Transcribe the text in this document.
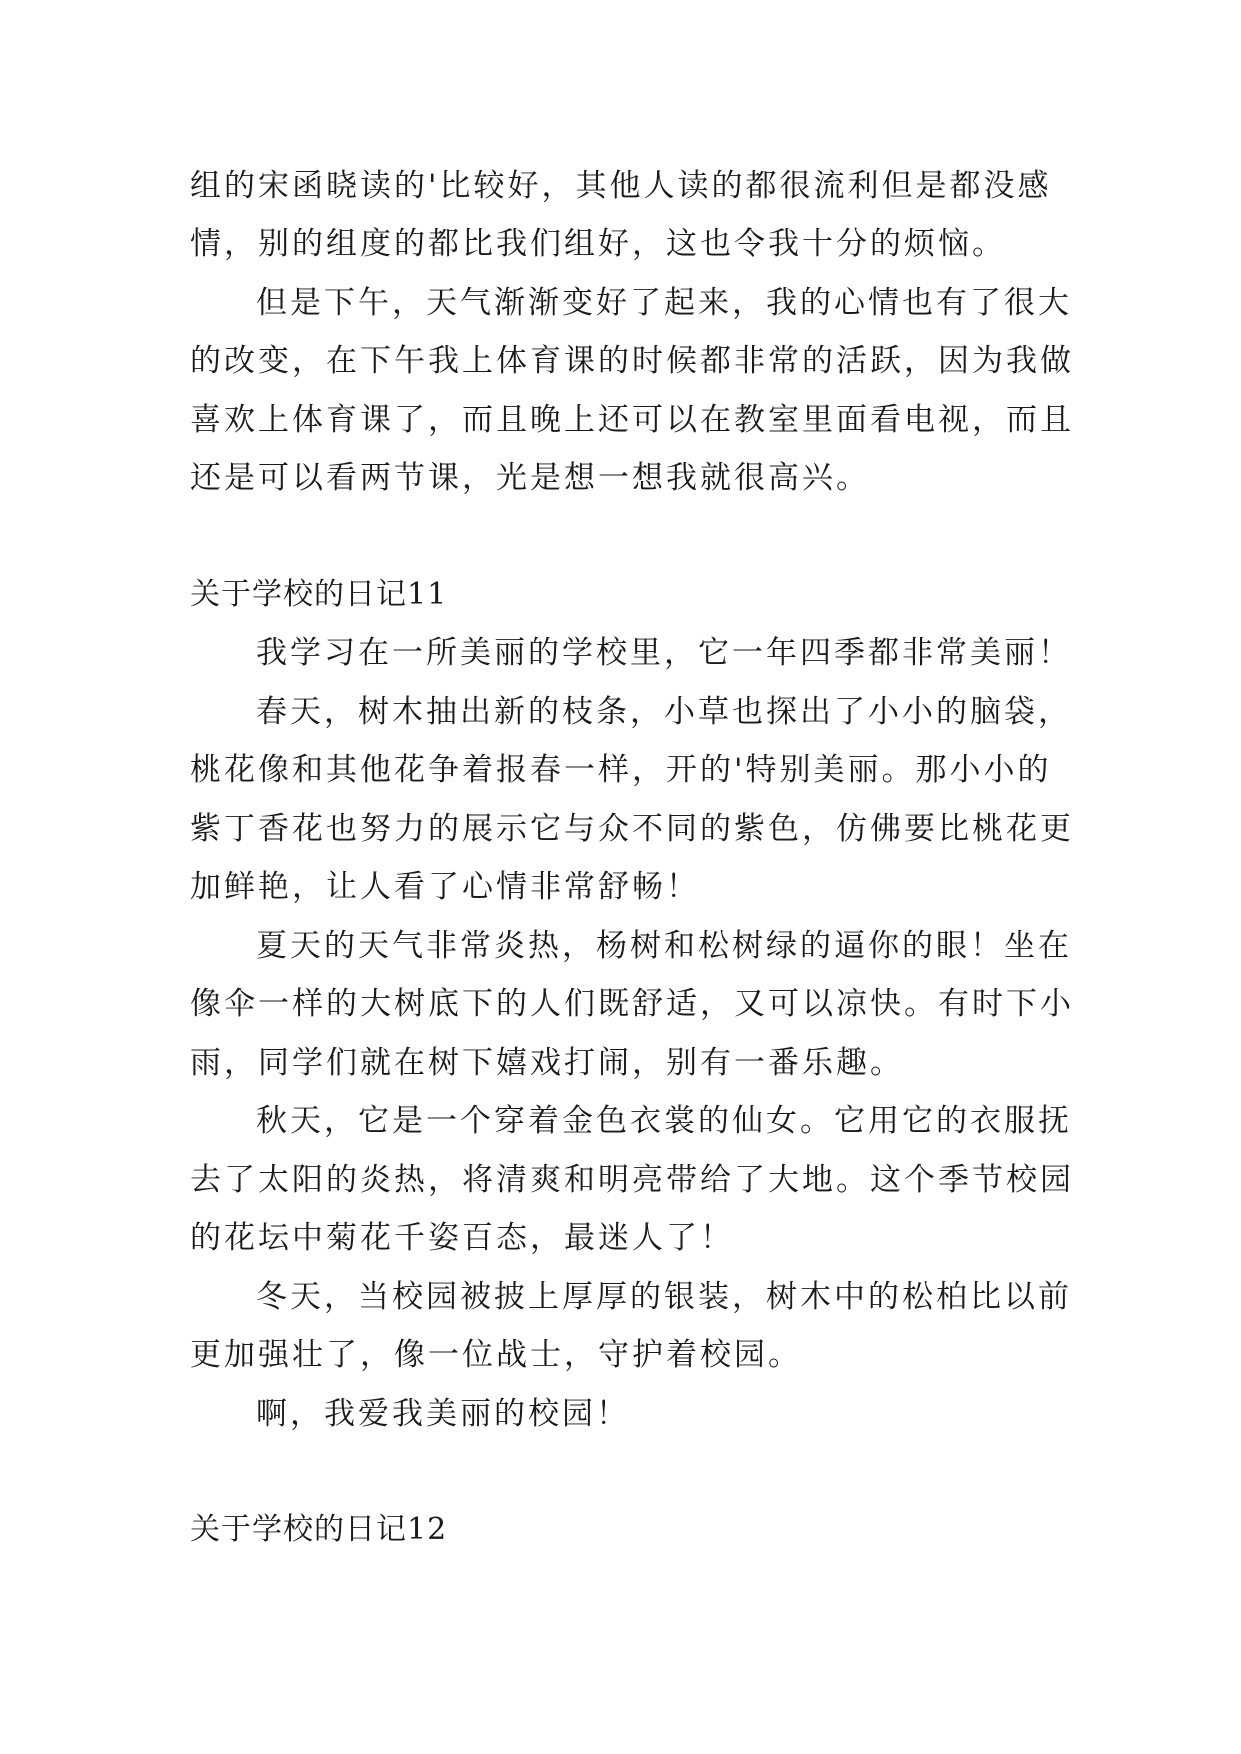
组的宋函晓读的'比较好，其他人读的都很流利但是都没感
情，别的组度的都比我们组好，这也令我十分的烦恼。
但是下午，天气渐渐变好了起来，我的心情也有了很大
的改变，在下午我上体育课的时候都非常的活跃，因为我做
喜欢上体育课了，而且晚上还可以在教室里面看电视，而且
还是可以看两节课，光是想一想我就很高兴。
关于学校的日记11
我学习在一所美丽的学校里，它一年四季都非常美丽！
春天，树木抽出新的枝条，小草也探出了小小的脑袋，
桃花像和其他花争着报春一样，开的'特别美丽。那小小的
紫丁香花也努力的展示它与众不同的紫色，仿佛要比桃花更
加鲜艳，让人看了心情非常舒畅！
夏天的天气非常炎热，杨树和松树绿的逼你的眼！坐在
像伞一样的大树底下的人们既舒适，又可以凉快。有时下小
雨，同学们就在树下嬉戏打闹，别有一番乐趣。
秋天，它是一个穿着金色衣裳的仙女。它用它的衣服抚
去了太阳的炎热，将清爽和明亮带给了大地。这个季节校园
的花坛中菊花千姿百态，最迷人了！
冬天，当校园被披上厚厚的银装，树木中的松柏比以前
更加强壮了，像一位战士，守护着校园。
啊，我爱我美丽的校园！
关于学校的日记12
